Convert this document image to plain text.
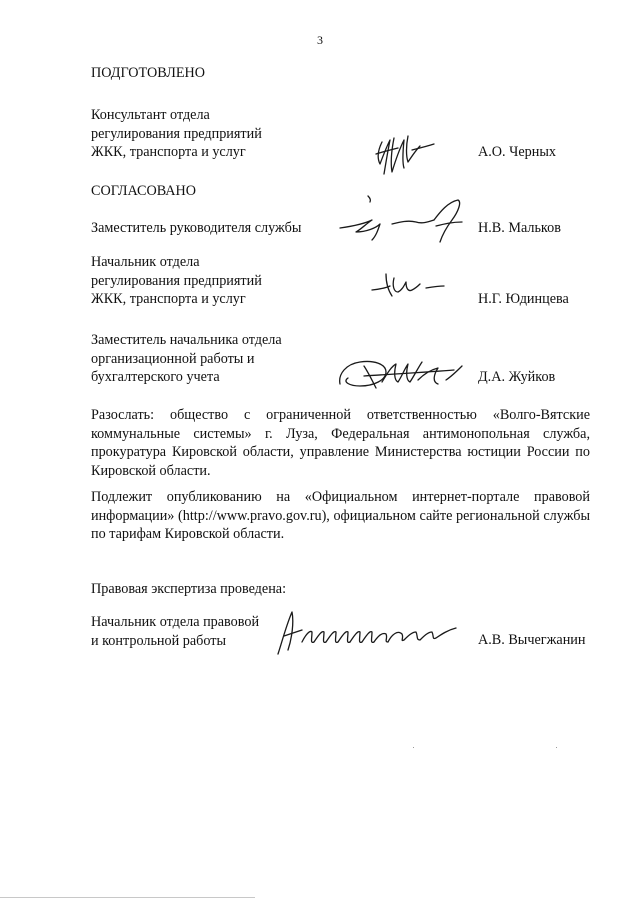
3
ПОДГОТОВЛЕНО
Консультант отдела
регулирования предприятий
ЖКК, транспорта и услуг	А.О. Черных
СОГЛАСОВАНО
Заместитель руководителя службы	Н.В. Мальков
Начальник отдела
регулирования предприятий
ЖКК, транспорта и услуг	Н.Г. Юдинцева
Заместитель начальника отдела
организационной работы и
бухгалтерского учета	Д.А. Жуйков
Разослать: общество с ограниченной ответственностью «Волго-Вятские коммунальные системы» г. Луза, Федеральная антимонопольная служба, прокуратура Кировской области, управление Министерства юстиции России по Кировской области.
Подлежит опубликованию на «Официальном интернет-портале правовой информации» (http://www.pravo.gov.ru), официальном сайте региональной службы по тарифам Кировской области.
Правовая экспертиза проведена:
Начальник отдела правовой
и контрольной работы	А.В. Вычегжанин
